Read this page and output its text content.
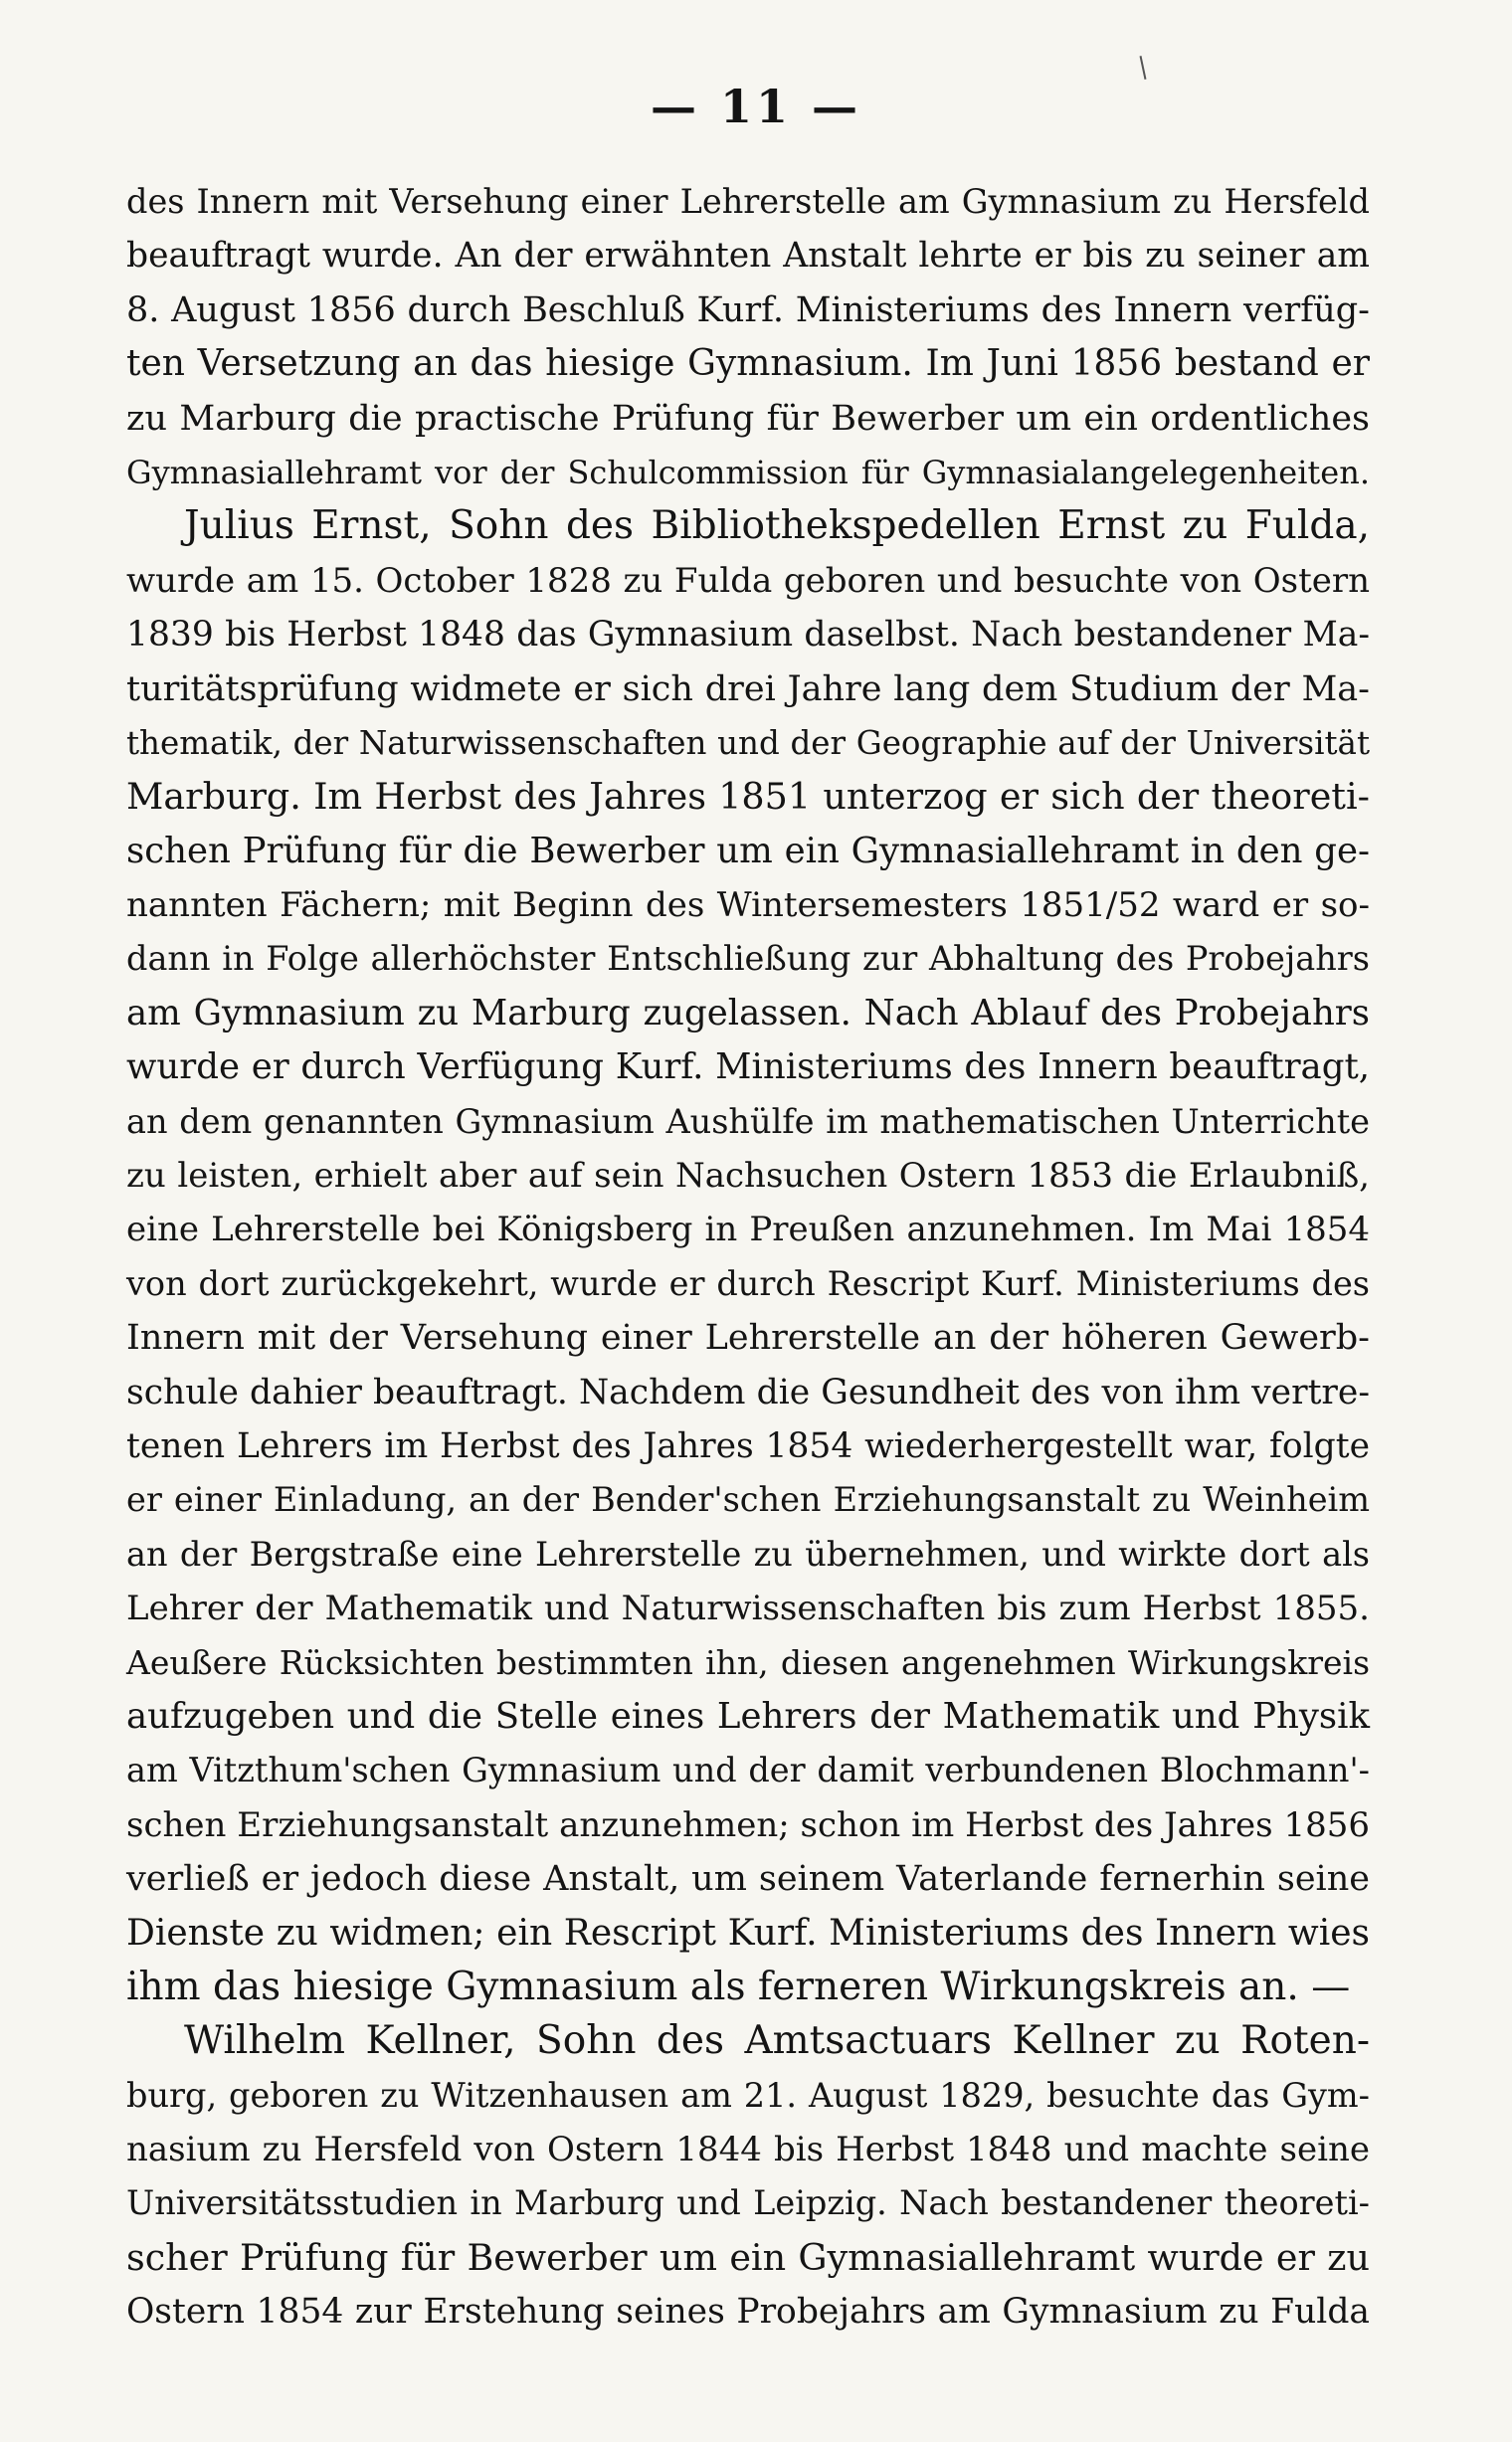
— 11 —
des Innern mit Versehung einer Lehrerstelle am Gymnasium zu Hersfeld
beauftragt wurde. An der erwähnten Anstalt lehrte er bis zu seiner am
8. August 1856 durch Beschluß Kurf. Ministeriums des Innern verfüg-
ten Versetzung an das hiesige Gymnasium. Im Juni 1856 bestand er
zu Marburg die practische Prüfung für Bewerber um ein ordentliches
Gymnasiallehramt vor der Schulcommission für Gymnasialangelegenheiten.
Julius Ernst, Sohn des Bibliothekspedellen Ernst zu Fulda,
wurde am 15. October 1828 zu Fulda geboren und besuchte von Ostern
1839 bis Herbst 1848 das Gymnasium daselbst. Nach bestandener Ma-
turitätsprüfung widmete er sich drei Jahre lang dem Studium der Ma-
thematik, der Naturwissenschaften und der Geographie auf der Universität
Marburg. Im Herbst des Jahres 1851 unterzog er sich der theoreti-
schen Prüfung für die Bewerber um ein Gymnasiallehramt in den ge-
nannten Fächern; mit Beginn des Wintersemesters 1851/52 ward er so-
dann in Folge allerhöchster Entschließung zur Abhaltung des Probejahrs
am Gymnasium zu Marburg zugelassen. Nach Ablauf des Probejahrs
wurde er durch Verfügung Kurf. Ministeriums des Innern beauftragt,
an dem genannten Gymnasium Aushülfe im mathematischen Unterrichte
zu leisten, erhielt aber auf sein Nachsuchen Ostern 1853 die Erlaubniß,
eine Lehrerstelle bei Königsberg in Preußen anzunehmen. Im Mai 1854
von dort zurückgekehrt, wurde er durch Rescript Kurf. Ministeriums des
Innern mit der Versehung einer Lehrerstelle an der höheren Gewerb-
schule dahier beauftragt. Nachdem die Gesundheit des von ihm vertre-
tenen Lehrers im Herbst des Jahres 1854 wiederhergestellt war, folgte
er einer Einladung, an der Bender'schen Erziehungsanstalt zu Weinheim
an der Bergstraße eine Lehrerstelle zu übernehmen, und wirkte dort als
Lehrer der Mathematik und Naturwissenschaften bis zum Herbst 1855.
Aeußere Rücksichten bestimmten ihn, diesen angenehmen Wirkungskreis
aufzugeben und die Stelle eines Lehrers der Mathematik und Physik
am Vitzthum'schen Gymnasium und der damit verbundenen Blochmann'-
schen Erziehungsanstalt anzunehmen; schon im Herbst des Jahres 1856
verließ er jedoch diese Anstalt, um seinem Vaterlande fernerhin seine
Dienste zu widmen; ein Rescript Kurf. Ministeriums des Innern wies
ihm das hiesige Gymnasium als ferneren Wirkungskreis an. —
Wilhelm Kellner, Sohn des Amtsactuars Kellner zu Roten-
burg, geboren zu Witzenhausen am 21. August 1829, besuchte das Gym-
nasium zu Hersfeld von Ostern 1844 bis Herbst 1848 und machte seine
Universitätsstudien in Marburg und Leipzig. Nach bestandener theoreti-
scher Prüfung für Bewerber um ein Gymnasiallehramt wurde er zu
Ostern 1854 zur Erstehung seines Probejahrs am Gymnasium zu Fulda
